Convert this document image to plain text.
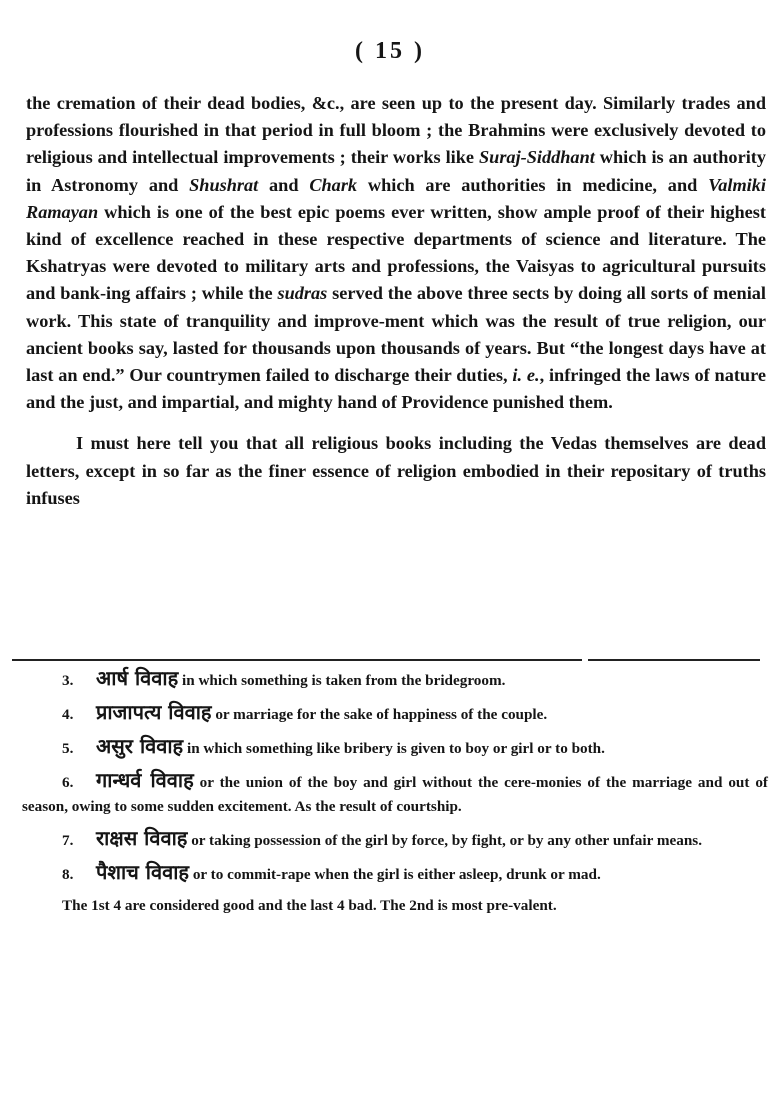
( 15 )

the cremation of their dead bodies, &c., are seen up to the present day. Similarly trades and professions flourished in that period in full bloom ; the Brahmins were exclusively devoted to religious and intellectual improvements ; their works like Suraj-Siddhant which is an authority in Astronomy and Shushrat and Chark which are authorities in medicine, and Valmiki Ramayan which is one of the best epic poems ever written, show ample proof of their highest kind of excellence reached in these respective departments of science and literature. The Kshatryas were devoted to military arts and professions, the Vaisyas to agricultural pursuits and bank-ing affairs ; while the sudras served the above three sects by doing all sorts of menial work. This state of tranquility and improve-ment which was the result of true religion, our ancient books say, lasted for thousands upon thousands of years. But “the longest days have at last an end.” Our countrymen failed to discharge their duties, i. e., infringed the laws of nature and the just, and impartial, and mighty hand of Providence punished them.

I must here tell you that all religious books including the Vedas themselves are dead letters, except in so far as the finer essence of religion embodied in their repositary of truths infuses

3. आर्ष विवाह in which something is taken from the bridegroom.
4. प्राजापत्य विवाह or marriage for the sake of happiness of the couple.
5. असुर विवाह in which something like bribery is given to boy or girl or to both.
6. गान्धर्व विवाह or the union of the boy and girl without the cere-monies of the marriage and out of season, owing to some sudden excitement. As the result of courtship.
7. राक्षस विवाह or taking possession of the girl by force, by fight, or by any other unfair means.
8. पैशाच विवाह or to commit-rape when the girl is either asleep, drunk or mad.
The 1st 4 are considered good and the last 4 bad. The 2nd is most pre-valent.
